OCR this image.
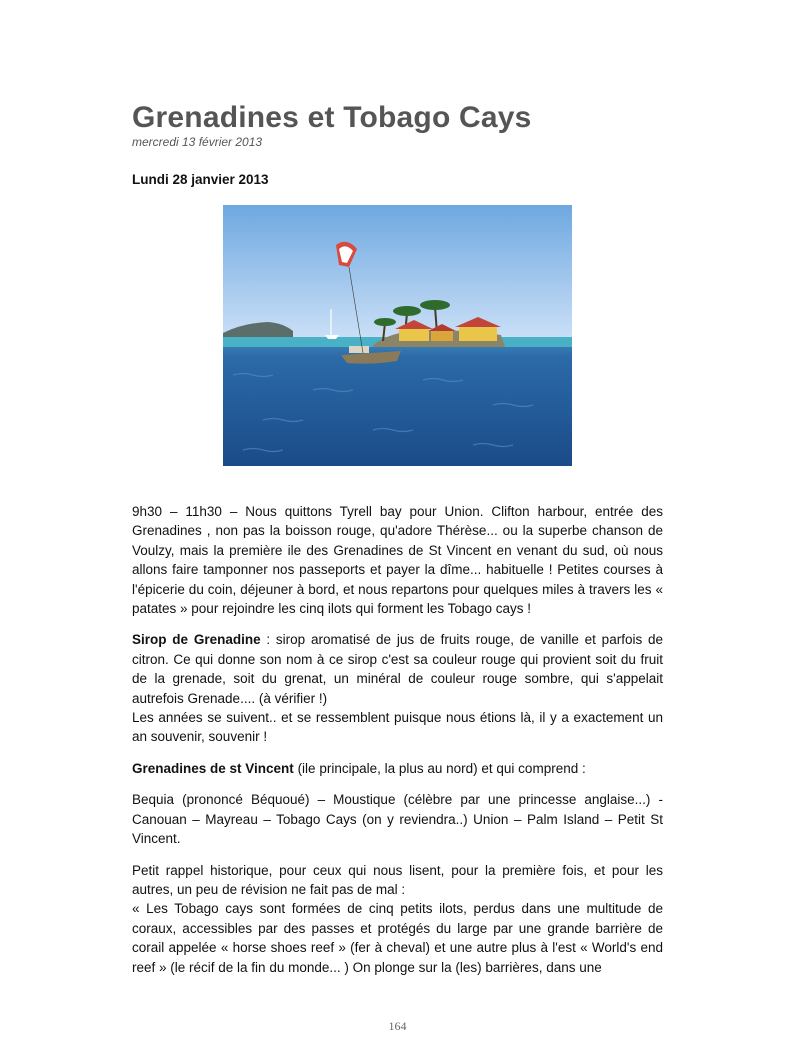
Grenadines et Tobago Cays
mercredi 13 février 2013
Lundi 28 janvier 2013

9h30 – 11h30 – Nous quittons Tyrell bay pour Union. Clifton harbour, entrée des Grenadines , non pas la boisson rouge, qu'adore Thérèse... ou la superbe chanson de Voulzy, mais la première ile des Grenadines de St Vincent en venant du sud, où nous allons faire tamponner nos passeports et payer la dîme... habituelle ! Petites courses à l'épicerie du coin, déjeuner à bord, et nous repartons pour quelques miles à travers les « patates » pour rejoindre les cinq ilots qui forment les Tobago cays !

Sirop de Grenadine : sirop aromatisé de jus de fruits rouge, de vanille et parfois de citron. Ce qui donne son nom à ce sirop c'est sa couleur rouge qui provient soit du fruit de la grenade, soit du grenat, un minéral de couleur rouge sombre, qui s'appelait autrefois Grenade.... (à vérifier !)
Les années se suivent.. et se ressemblent puisque nous étions là, il y a exactement un an souvenir, souvenir !

Grenadines de st Vincent (ile principale, la plus au nord) et qui comprend :

Bequia (prononcé Béquoué) – Moustique (célèbre par une princesse anglaise...) - Canouan – Mayreau – Tobago Cays (on y reviendra..) Union – Palm Island – Petit St Vincent.

Petit rappel historique, pour ceux qui nous lisent, pour la première fois, et pour les autres, un peu de révision ne fait pas de mal :
« Les Tobago cays sont formées de cinq petits ilots, perdus dans une multitude de coraux, accessibles par des passes et protégés du large par une grande barrière de corail appelée « horse shoes reef » (fer à cheval) et une autre plus à l'est « World's end reef » (le récif de la fin du monde... ) On plonge sur la (les) barrières, dans une

164
